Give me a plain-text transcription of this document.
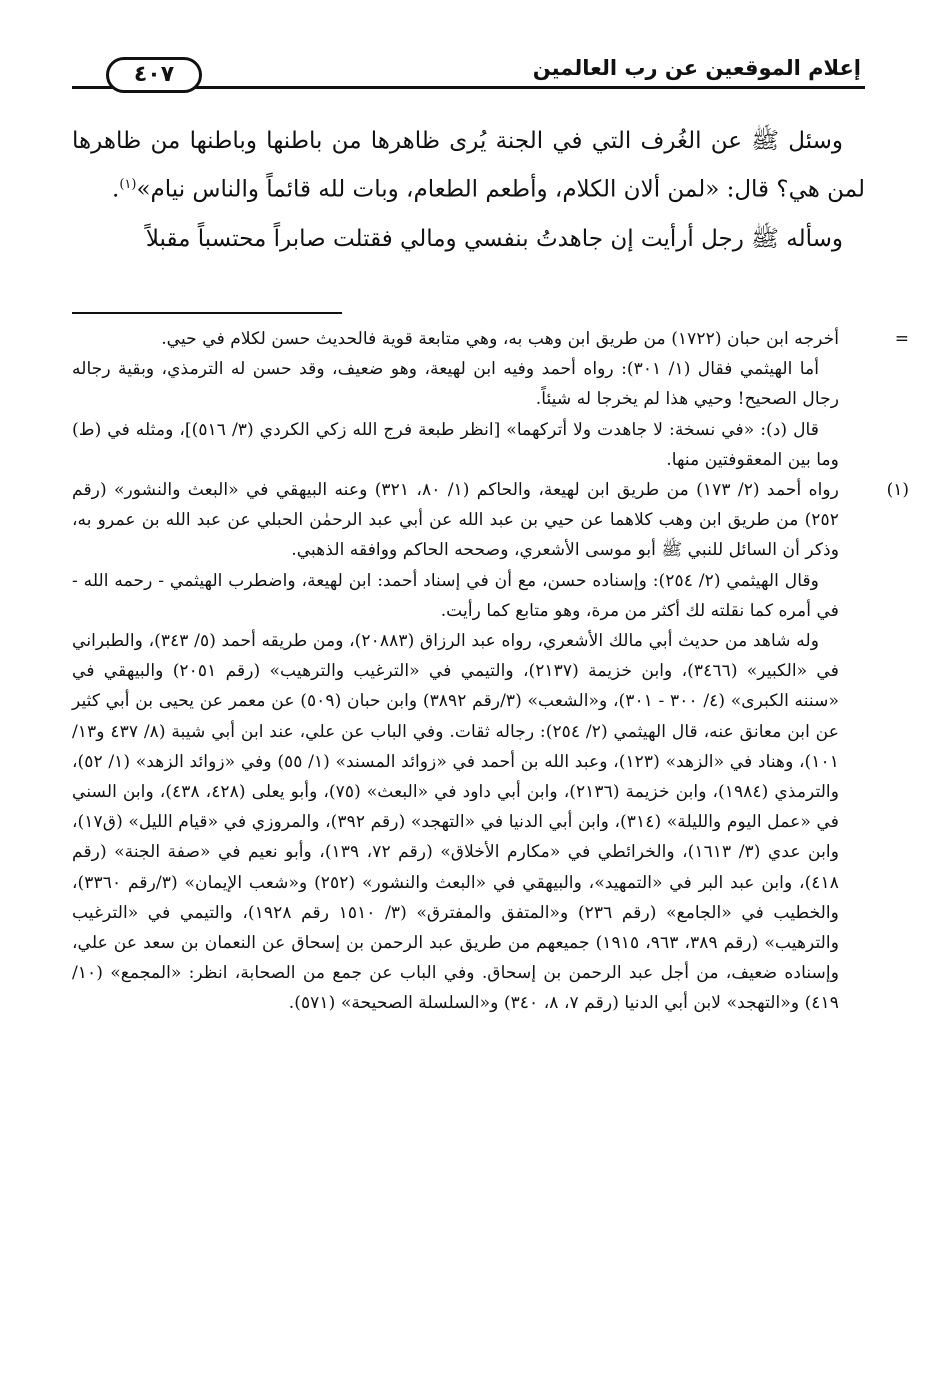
٤٠٧	إعلام الموقعين عن رب العالمين

وسئل ﷺ عن الغُرف التي في الجنة يُرى ظاهرها من باطنها وباطنها من ظاهرها لمن هي؟ قال: «لمن ألان الكلام، وأطعم الطعام، وبات لله قائماً والناس نيام»$^{(١)}$.

وسأله ﷺ رجل أرأيت إن جاهدتُ بنفسي ومالي فقتلت صابراً محتسباً مقبلاً

=
أخرجه ابن حبان (١٧٢٢) من طريق ابن وهب به، وهي متابعة قوية فالحديث حسن لكلام في حيي.

أما الهيثمي فقال (١/ ٣٠١): رواه أحمد وفيه ابن لهيعة، وهو ضعيف، وقد حسن له الترمذي، وبقية رجاله رجال الصحيح! وحيي هذا لم يخرجا له شيئاً.

قال (د): «في نسخة: لا جاهدت ولا أتركهما» [انظر طبعة فرج الله زكي الكردي (٣/ ٥١٦)]، ومثله في (ط) وما بين المعقوفتين منها.

(١)
رواه أحمد (٢/ ١٧٣) من طريق ابن لهيعة، والحاكم (١/ ٨٠، ٣٢١) وعنه البيهقي في «البعث والنشور» (رقم ٢٥٢) من طريق ابن وهب كلاهما عن حيي بن عبد الله عن أبي عبد الرحمٰن الحبلي عن عبد الله بن عمرو به، وذكر أن السائل للنبي ﷺ أبو موسى الأشعري، وصححه الحاكم ووافقه الذهبي.

وقال الهيثمي (٢/ ٢٥٤): وإسناده حسن، مع أن في إسناد أحمد: ابن لهيعة، واضطرب الهيثمي - رحمه الله - في أمره كما نقلته لك أكثر من مرة، وهو متابع كما رأيت.

وله شاهد من حديث أبي مالك الأشعري، رواه عبد الرزاق (٢٠٨٨٣)، ومن طريقه أحمد (٥/ ٣٤٣)، والطبراني في «الكبير» (٣٤٦٦)، وابن خزيمة (٢١٣٧)، والتيمي في «الترغيب والترهيب» (رقم ٢٠٥١) والبيهقي في «سننه الكبرى» (٤/ ٣٠٠ - ٣٠١)، و«الشعب» (٣/رقم ٣٨٩٢) وابن حبان (٥٠٩) عن معمر عن يحيى بن أبي كثير عن ابن معانق عنه، قال الهيثمي (٢/ ٢٥٤): رجاله ثقات. وفي الباب عن علي، عند ابن أبي شيبة (٨/ ٤٣٧ و١٣/ ١٠١)، وهناد في «الزهد» (١٢٣)، وعبد الله بن أحمد في «زوائد المسند» (١/ ٥٥) وفي «زوائد الزهد» (١/ ٥٢)، والترمذي (١٩٨٤)، وابن خزيمة (٢١٣٦)، وابن أبي داود في «البعث» (٧٥)، وأبو يعلى (٤٢٨، ٤٣٨)، وابن السني في «عمل اليوم والليلة» (٣١٤)، وابن أبي الدنيا في «التهجد» (رقم ٣٩٢)، والمروزي في «قيام الليل» (ق١٧)، وابن عدي (٣/ ١٦١٣)، والخرائطي في «مكارم الأخلاق» (رقم ٧٢، ١٣٩)، وأبو نعيم في «صفة الجنة» (رقم ٤١٨)، وابن عبد البر في «التمهيد»، والبيهقي في «البعث والنشور» (٢٥٢) و«شعب الإيمان» (٣/رقم ٣٣٦٠)، والخطيب في «الجامع» (رقم ٢٣٦) و«المتفق والمفترق» (٣/ ١٥١٠ رقم ١٩٢٨)، والتيمي في «الترغيب والترهيب» (رقم ٣٨٩، ٩٦٣، ١٩١٥) جميعهم من طريق عبد الرحمن بن إسحاق عن النعمان بن سعد عن علي، وإسناده ضعيف، من أجل عبد الرحمن بن إسحاق. وفي الباب عن جمع من الصحابة، انظر: «المجمع» (١٠/ ٤١٩) و«التهجد» لابن أبي الدنيا (رقم ٧، ٨، ٣٤٠) و«السلسلة الصحيحة» (٥٧١).
